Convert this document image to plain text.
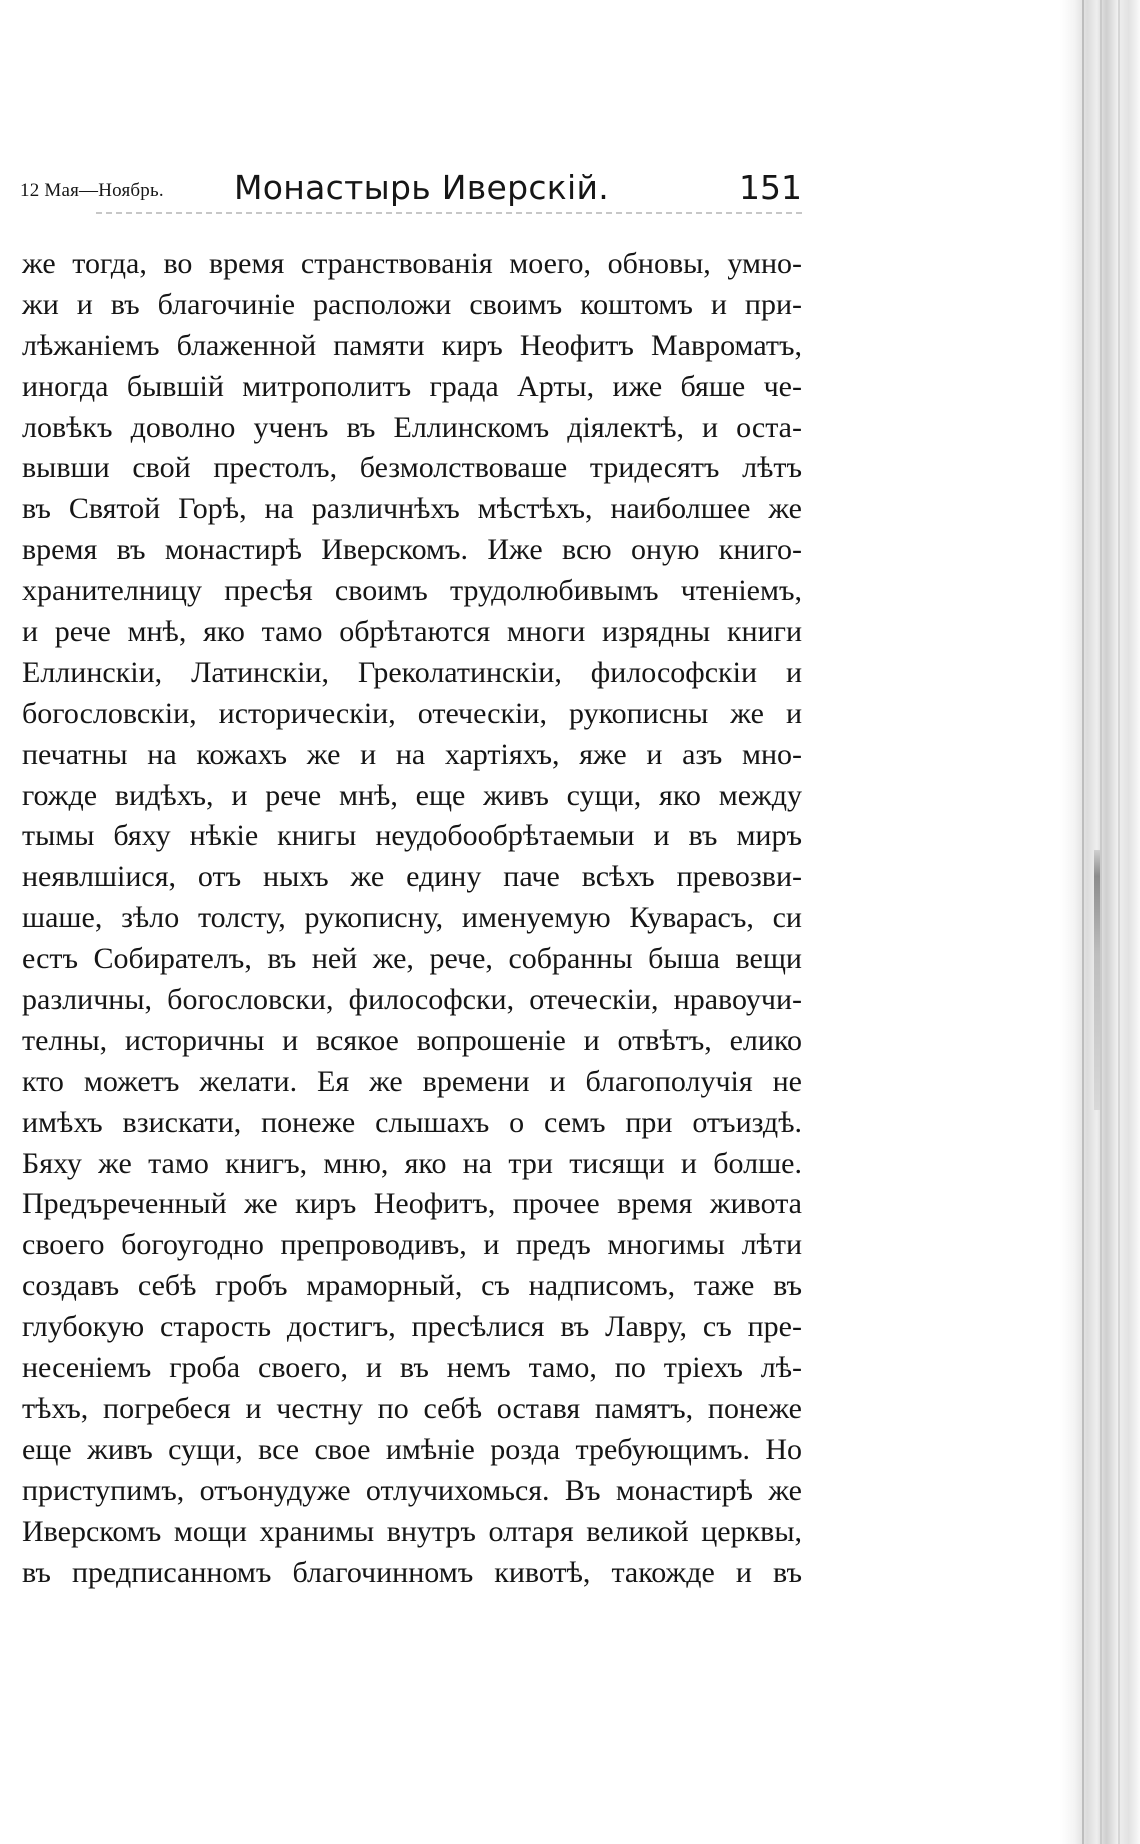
12 Мая—Ноябрь. Монастырь Иверскій.	151
же тогда, во время странствованія моего, обновы, умно-
жи и въ благочиніе расположи своимъ коштомъ и при-
лѣжаніемъ блаженной памяти киръ Неофитъ Мавроматъ,
иногда бывшій митрополитъ града Арты, иже бяше че-
ловѣкъ доволно ученъ въ Еллинскомъ діялектѣ, и оста-
вывши свой престолъ, безмолствоваше тридесятъ лѣтъ
въ Святой Горѣ, на различнѣхъ мѣстѣхъ, наиболшее же
время въ монастирѣ Иверскомъ. Иже всю оную книго-
хранителницу пресѣя своимъ трудолюбивымъ чтеніемъ,
и рече мнѣ, яко тамо обрѣтаются многи изрядны книги
Еллинскіи, Латинскіи, Греколатинскіи, философскіи и
богословскіи, историческіи, отеческіи, рукописны же и
печатны на кожахъ же и на хартіяхъ, яже и азъ мно-
гожде видѣхъ, и рече мнѣ, еще живъ сущи, яко между
тымы бяху нѣкіе книгы неудобообрѣтаемыи и въ миръ
неявлшіися, отъ ныхъ же едину паче всѣхъ превозви-
шаше, зѣло толсту, рукописну, именуемую Куварасъ, си
естъ Собирателъ, въ ней же, рече, собранны быша вещи
различны, богословски, философски, отеческіи, нравоучи-
телны, историчны и всякое вопрошеніе и отвѣтъ, елико
кто можетъ желати. Ея же времени и благополучія не
имѣхъ взискати, понеже слышахъ о семъ при отъиздѣ.
Бяху же тамо книгъ, мню, яко на три тисящи и болше.
Предъреченный же киръ Неофитъ, прочее время живота
своего богоугодно препроводивъ, и предъ многимы лѣти
создавъ себѣ гробъ мраморный, съ надписомъ, таже въ
глубокую старость достигъ, пресѣлися въ Лавру, съ пре-
несеніемъ гроба своего, и въ немъ тамо, по тріехъ лѣ-
тѣхъ, погребеся и честну по себѣ оставя памятъ, понеже
еще живъ сущи, все свое имѣніе розда требующимъ. Но
приступимъ, отъонудуже отлучихомься. Въ монастирѣ же
Иверскомъ мощи хранимы внутръ олтаря великой церквы,
въ предписанномъ благочинномъ кивотѣ, такожде и въ
